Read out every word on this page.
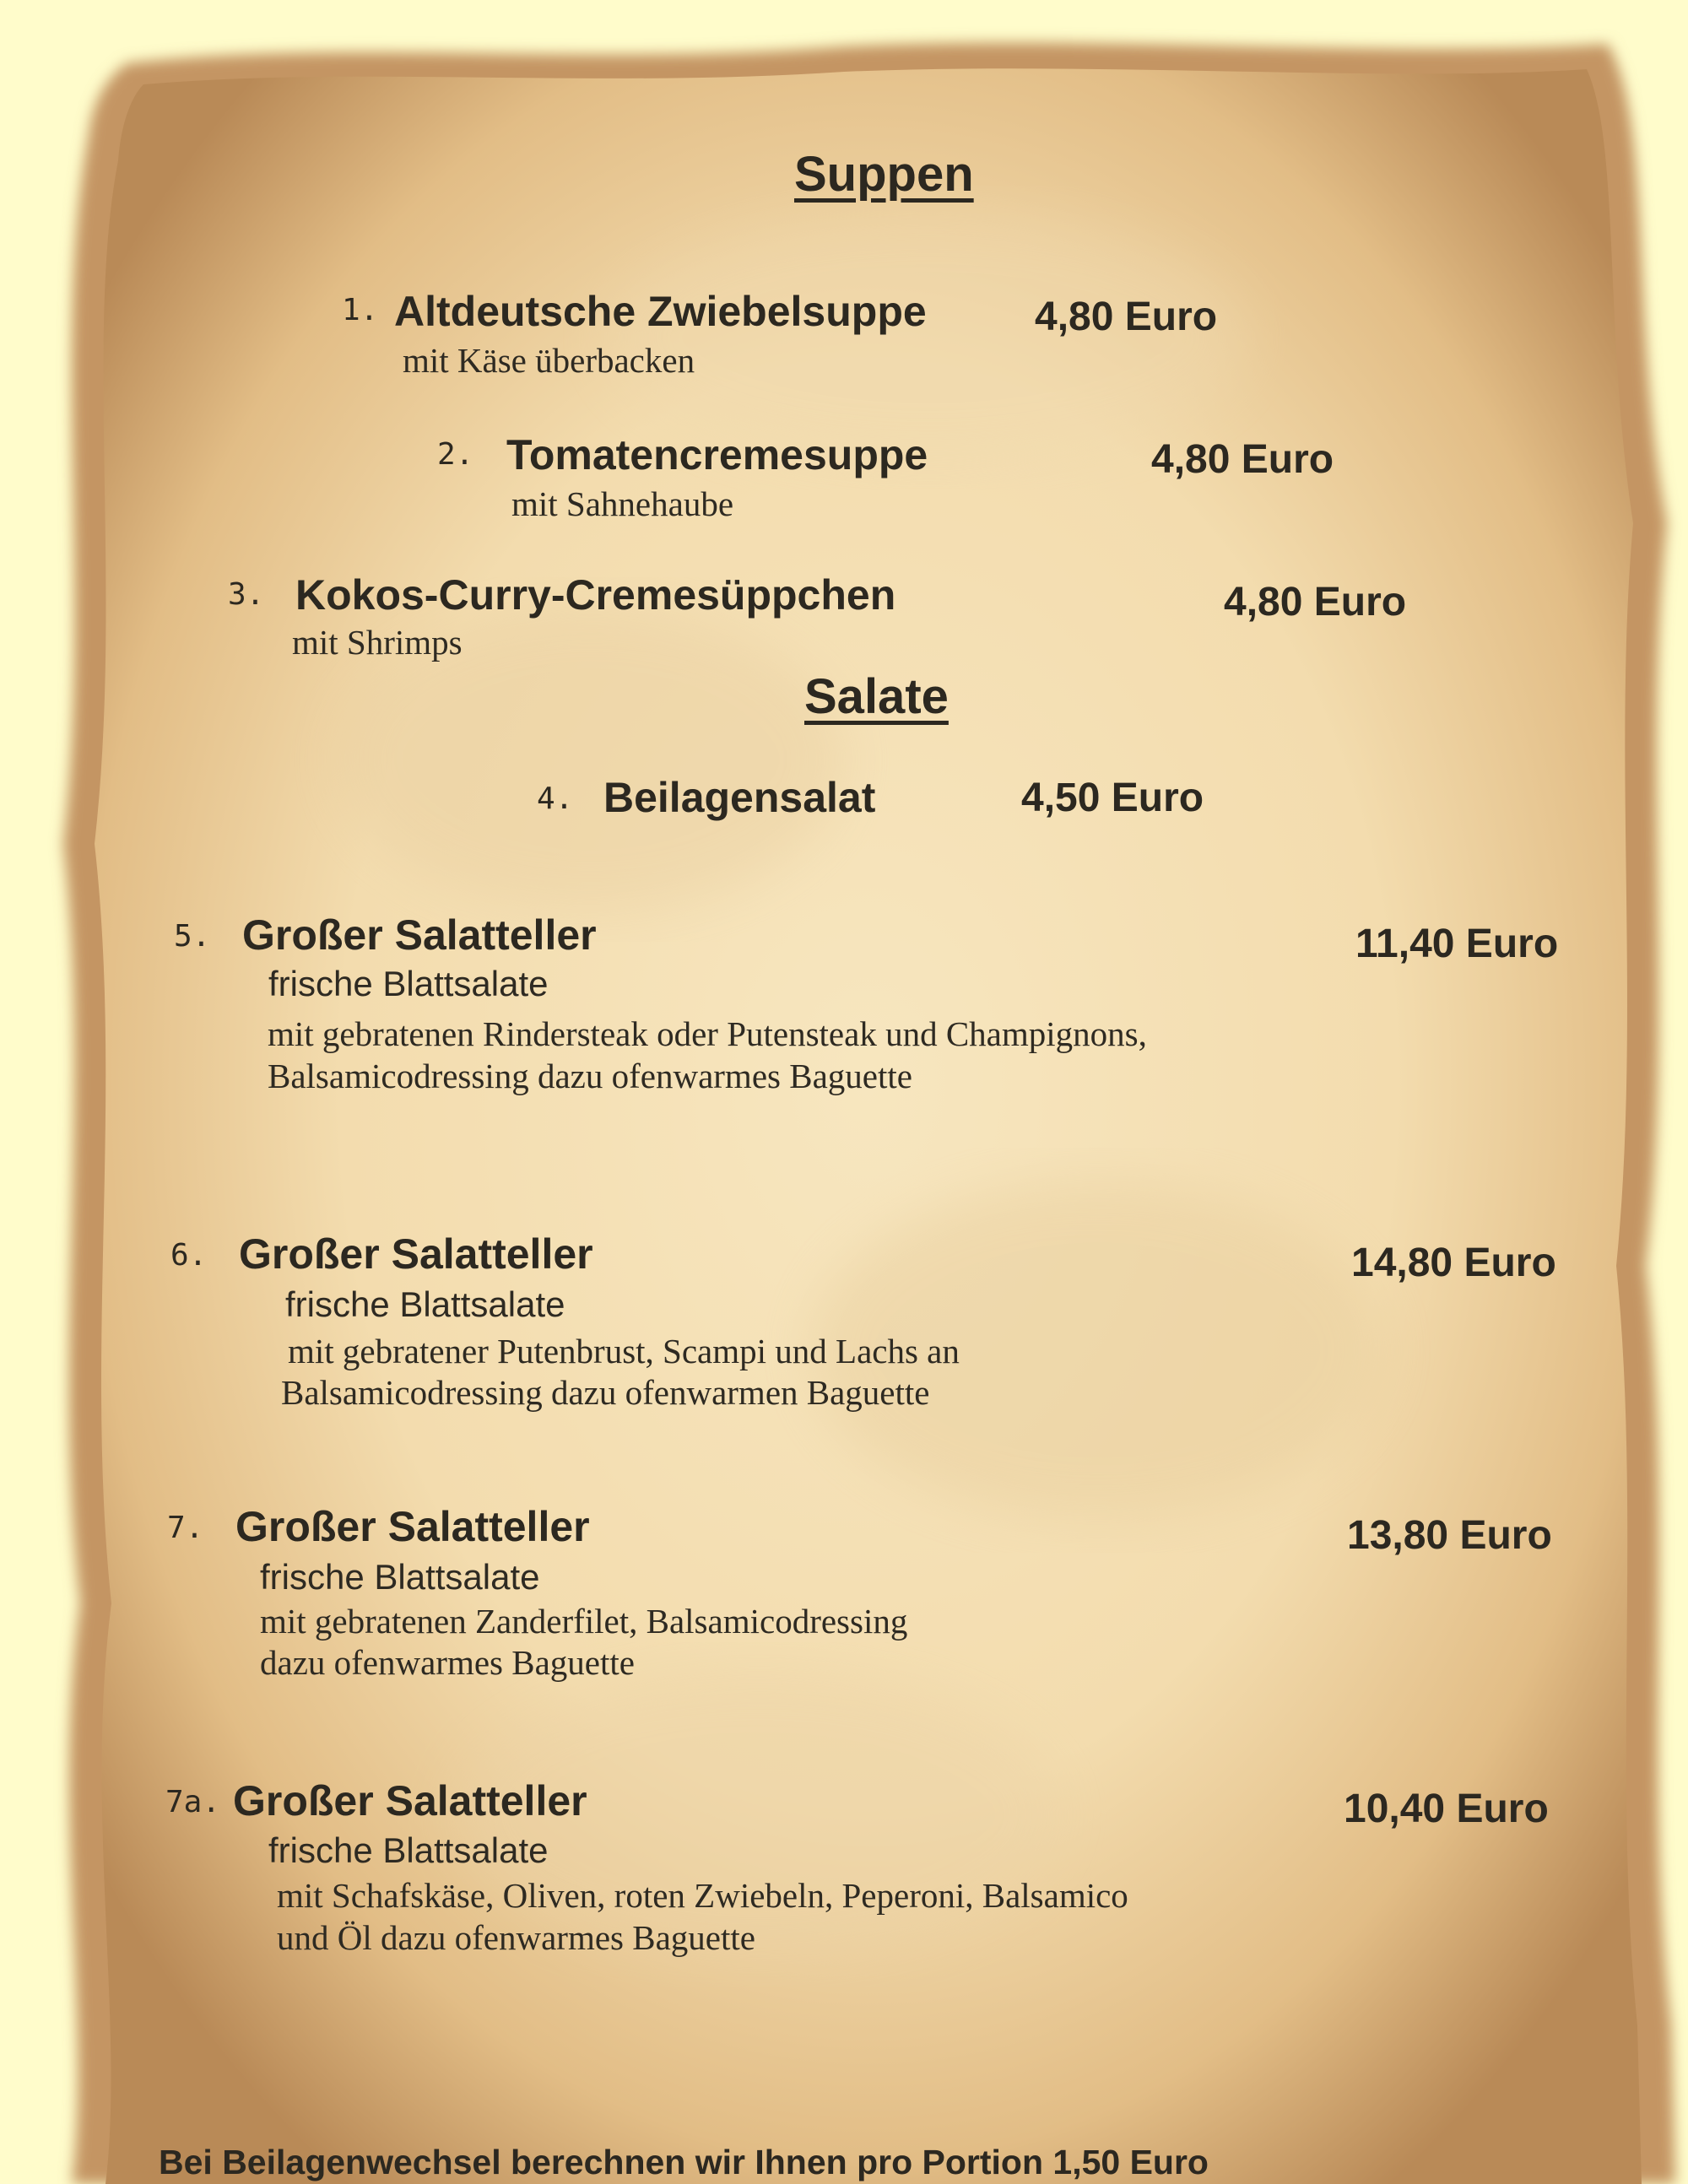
Suppen
Salate
1. Altdeutsche Zwiebelsuppe	4,80 Euro
mit Käse überbacken
2. Tomatencremesuppe	4,80 Euro
mit Sahnehaube
3. Kokos-Curry-Cremesüppchen	4,80 Euro
mit Shrimps
4. Beilagensalat	4,50 Euro
5. Großer Salatteller	11,40 Euro
frische Blattsalate
mit gebratenen Rindersteak oder Putensteak und Champignons,
Balsamicodressing dazu ofenwarmes Baguette
6. Großer Salatteller	14,80 Euro
frische Blattsalate
mit gebratener Putenbrust, Scampi und Lachs an
Balsamicodressing dazu ofenwarmen Baguette
7. Großer Salatteller	13,80 Euro
frische Blattsalate
mit gebratenen Zanderfilet, Balsamicodressing
dazu ofenwarmes Baguette
7a. Großer Salatteller	10,40 Euro
frische Blattsalate
mit Schafskäse, Oliven, roten Zwiebeln, Peperoni, Balsamico
und Öl dazu ofenwarmes Baguette
Bei Beilagenwechsel berechnen wir Ihnen pro Portion 1,50 Euro
